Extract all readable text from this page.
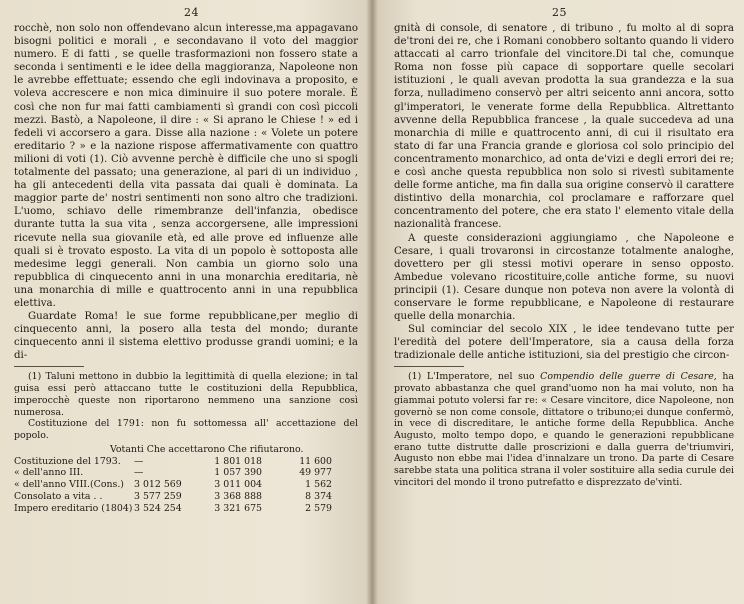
24

rocchè, non solo non offendevano alcun interesse,ma appagavano bisogni politici e morali , e secondavano il voto del maggior numero. E di fatti , se quelle trasformazioni non fossero state a seconda i sentimenti e le idee della maggioranza, Napoleone non le avrebbe effettuate; essendo che egli indovinava a proposito, e voleva accrescere e non mica diminuire il suo potere morale. È così che non fur mai fatti cambiamenti sì grandi con così piccoli mezzi. Bastò, a Napoleone, il dire : « Si aprano le Chiese ! » ed i fedeli vi accorsero a gara. Disse alla nazione : « Volete un potere ereditario ? » e la nazione rispose affermativamente con quattro milioni di voti (1). Ciò avvenne perchè è difficile che uno si spogli totalmente del passato; una generazione, al pari di un individuo , ha gli antecedenti della vita passata dai quali è dominata. La maggior parte de' nostri sentimenti non sono altro che tradizioni. L'uomo, schiavo delle rimembranze dell'infanzia, obedisce durante tutta la sua vita , senza accorgersene, alle impressioni ricevute nella sua giovanile età, ed alle prove ed influenze alle quali si è trovato esposto. La vita di un popolo è sottoposta alle medesime leggi generali. Non cambia un giorno solo una repubblica di cinquecento anni in una monarchia ereditaria, nè una monarchia di mille e quattrocento anni in una repubblica elettiva.

Guardate Roma! le sue forme repubblicane,per meglio di cinquecento anni, la posero alla testa del mondo; durante cinquecento anni il sistema elettivo produsse grandi uomini; e la di-

(1) Taluni mettono in dubbio la legittimità di quella elezione; in tal guisa essi però attaccano tutte le costituzioni della Repubblica, imperocchè queste non riportarono nemmeno una sanzione così numerosa.

Costituzione del 1791: non fu sottomessa all' accettazione del popolo.

Votanti Che accettarono Che rifiutarono.
Costituzione del 1793.	—	1 801 018	11 600
« dell'anno III.	—	1 057 390	49 977
« dell'anno VIII.(Cons.)	3 012 569	3 011 004	1 562
Consolato a vita . .	3 577 259	3 368 888	8 374
Impero ereditario (1804) 3 524 254	3 321 675	2 579
25

gnità di console, di senatore , di tribuno , fu molto al di sopra de'troni dei re, che i Romani conobbero soltanto quando li videro attaccati al carro trionfale del vincitore.Di tal che, comunque Roma non fosse più capace di sopportare quelle secolari istituzioni , le quali avevan prodotta la sua grandezza e la sua forza, nulladimeno conservò per altri seicento anni ancora, sotto gl'imperatori, le venerate forme della Repubblica. Altrettanto avvenne della Repubblica francese , la quale succedeva ad una monarchia di mille e quattrocento anni, di cui il risultato era stato di far una Francia grande e gloriosa col solo principio del concentramento monarchico, ad onta de'vizi e degli errori dei re; e così anche questa repubblica non solo si rivestì subitamente delle forme antiche, ma fin dalla sua origine conservò il carattere distintivo della monarchia, col proclamare e rafforzare quel concentramento del potere, che era stato l' elemento vitale della nazionalità francese.

A queste considerazioni aggiungiamo , che Napoleone e Cesare, i quali trovaronsi in circostanze totalmente analoghe, dovettero per gli stessi motivi operare in senso opposto. Ambedue volevano ricostituire,colle antiche forme, su nuovi principii (1). Cesare dunque non poteva non avere la volontà di conservare le forme repubblicane, e Napoleone di restaurare quelle della monarchia.

Sul cominciar del secolo XIX , le idee tendevano tutte per l'eredità del potere dell'Imperatore, sia a causa della forza tradizionale delle antiche istituzioni, sia del prestigio che circon-

(1) L'Imperatore, nel suo Compendio delle guerre di Cesare, ha provato abbastanza che quel grand'uomo non ha mai voluto, non ha giammai potuto volersi far re: « Cesare vincitore, dice Napoleone, non governò se non come console, dittatore o tribuno;ei dunque confermò, in vece di discreditare, le antiche forme della Repubblica. Anche Augusto, molto tempo dopo, e quando le generazioni repubblicane erano tutte distrutte dalle proscrizioni e dalla guerra de'triumviri, Augusto non ebbe mai l'idea d'innalzare un trono. Da parte di Cesare sarebbe stata una politica strana il voler sostituire alla sedia curule dei vincitori del mondo il trono putrefatto e disprezzato de'vinti.
